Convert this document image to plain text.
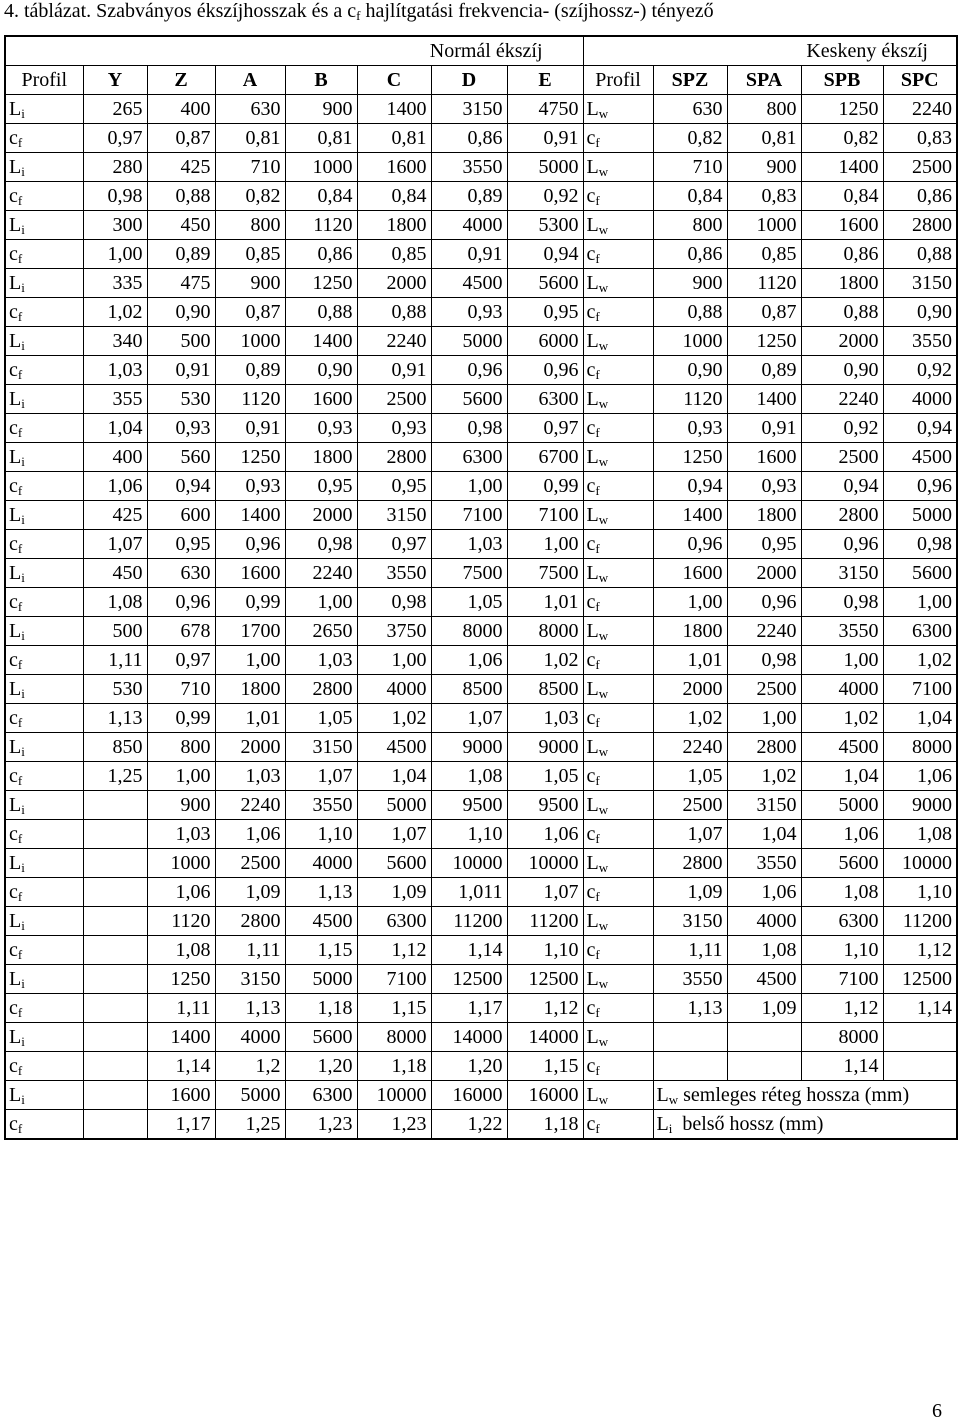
4. táblázat. Szabványos ékszíjhosszak és a $c_f$ hajlítgatási frekvencia- (szíjhossz-) tényező
Normál ékszíj								Keskeny ékszíj				
Profil	Y	Z	A	B	C	D	E	Profil	SPZ	SPA	SPB	SPC
$L_i$	265	400	630	900	1400	3150	4750	$L_w$	630	800	1250	2240
$c_f$	0,97	0,87	0,81	0,81	0,81	0,86	0,91	$c_f$	0,82	0,81	0,82	0,83
$L_i$	280	425	710	1000	1600	3550	5000	$L_w$	710	900	1400	2500
$c_f$	0,98	0,88	0,82	0,84	0,84	0,89	0,92	$c_f$	0,84	0,83	0,84	0,86
$L_i$	300	450	800	1120	1800	4000	5300	$L_w$	800	1000	1600	2800
$c_f$	1,00	0,89	0,85	0,86	0,85	0,91	0,94	$c_f$	0,86	0,85	0,86	0,88
$L_i$	335	475	900	1250	2000	4500	5600	$L_w$	900	1120	1800	3150
$c_f$	1,02	0,90	0,87	0,88	0,88	0,93	0,95	$c_f$	0,88	0,87	0,88	0,90
$L_i$	340	500	1000	1400	2240	5000	6000	$L_w$	1000	1250	2000	3550
$c_f$	1,03	0,91	0,89	0,90	0,91	0,96	0,96	$c_f$	0,90	0,89	0,90	0,92
$L_i$	355	530	1120	1600	2500	5600	6300	$L_w$	1120	1400	2240	4000
$c_f$	1,04	0,93	0,91	0,93	0,93	0,98	0,97	$c_f$	0,93	0,91	0,92	0,94
$L_i$	400	560	1250	1800	2800	6300	6700	$L_w$	1250	1600	2500	4500
$c_f$	1,06	0,94	0,93	0,95	0,95	1,00	0,99	$c_f$	0,94	0,93	0,94	0,96
$L_i$	425	600	1400	2000	3150	7100	7100	$L_w$	1400	1800	2800	5000
$c_f$	1,07	0,95	0,96	0,98	0,97	1,03	1,00	$c_f$	0,96	0,95	0,96	0,98
$L_i$	450	630	1600	2240	3550	7500	7500	$L_w$	1600	2000	3150	5600
$c_f$	1,08	0,96	0,99	1,00	0,98	1,05	1,01	$c_f$	1,00	0,96	0,98	1,00
$L_i$	500	678	1700	2650	3750	8000	8000	$L_w$	1800	2240	3550	6300
$c_f$	1,11	0,97	1,00	1,03	1,00	1,06	1,02	$c_f$	1,01	0,98	1,00	1,02
$L_i$	530	710	1800	2800	4000	8500	8500	$L_w$	2000	2500	4000	7100
$c_f$	1,13	0,99	1,01	1,05	1,02	1,07	1,03	$c_f$	1,02	1,00	1,02	1,04
$L_i$	850	800	2000	3150	4500	9000	9000	$L_w$	2240	2800	4500	8000
$c_f$	1,25	1,00	1,03	1,07	1,04	1,08	1,05	$c_f$	1,05	1,02	1,04	1,06
$L_i$		900	2240	3550	5000	9500	9500	$L_w$	2500	3150	5000	9000
$c_f$		1,03	1,06	1,10	1,07	1,10	1,06	$c_f$	1,07	1,04	1,06	1,08
$L_i$		1000	2500	4000	5600	10000	10000	$L_w$	2800	3550	5600	10000
$c_f$		1,06	1,09	1,13	1,09	1,011	1,07	$c_f$	1,09	1,06	1,08	1,10
$L_i$		1120	2800	4500	6300	11200	11200	$L_w$	3150	4000	6300	11200
$c_f$		1,08	1,11	1,15	1,12	1,14	1,10	$c_f$	1,11	1,08	1,10	1,12
$L_i$		1250	3150	5000	7100	12500	12500	$L_w$	3550	4500	7100	12500
$c_f$		1,11	1,13	1,18	1,15	1,17	1,12	$c_f$	1,13	1,09	1,12	1,14
$L_i$		1400	4000	5600	8000	14000	14000	$L_w$			8000	
$c_f$		1,14	1,2	1,20	1,18	1,20	1,15	$c_f$			1,14	
$L_i$		1600	5000	6300	10000	16000	16000	$L_w$	$L_w$ semleges réteg hossza (mm)			
$c_f$		1,17	1,25	1,23	1,23	1,22	1,18	$c_f$	$L_i$  belső hossz (mm)			
6
